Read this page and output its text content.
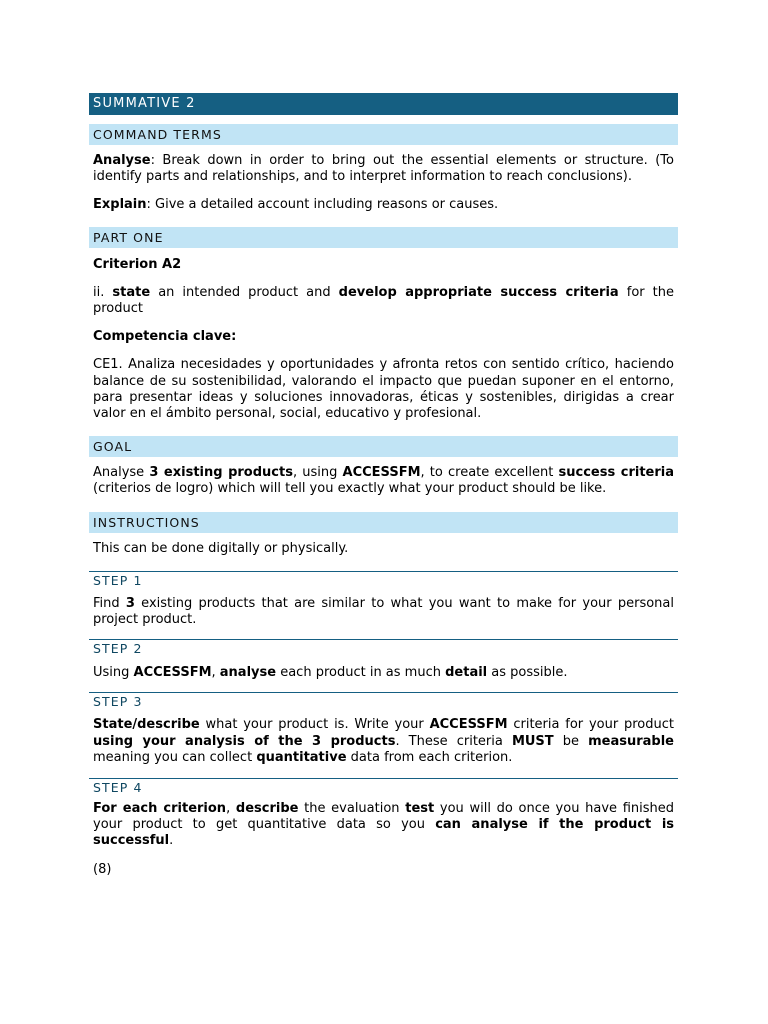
SUMMATIVE 2
COMMAND TERMS

Analyse: Break down in order to bring out the essential elements or structure. (To identify parts and relationships, and to interpret information to reach conclusions).

Explain: Give a detailed account including reasons or causes.

PART ONE

Criterion A2

ii. state an intended product and develop appropriate success criteria for the product

Competencia clave:

CE1. Analiza necesidades y oportunidades y afronta retos con sentido crítico, haciendo balance de su sostenibilidad, valorando el impacto que puedan suponer en el entorno, para presentar ideas y soluciones innovadoras, éticas y sostenibles, dirigidas a crear valor en el ámbito personal, social, educativo y profesional.

GOAL

Analyse 3 existing products, using ACCESSFM, to create excellent success criteria (criterios de logro) which will tell you exactly what your product should be like.

INSTRUCTIONS

This can be done digitally or physically.

STEP 1

Find 3 existing products that are similar to what you want to make for your personal project product.

STEP 2

Using ACCESSFM, analyse each product in as much detail as possible.

STEP 3

State/describe what your product is. Write your ACCESSFM criteria for your product using your analysis of the 3 products. These criteria MUST be measurable meaning you can collect quantitative data from each criterion.

STEP 4

For each criterion, describe the evaluation test you will do once you have finished your product to get quantitative data so you can analyse if the product is successful.

(8)
